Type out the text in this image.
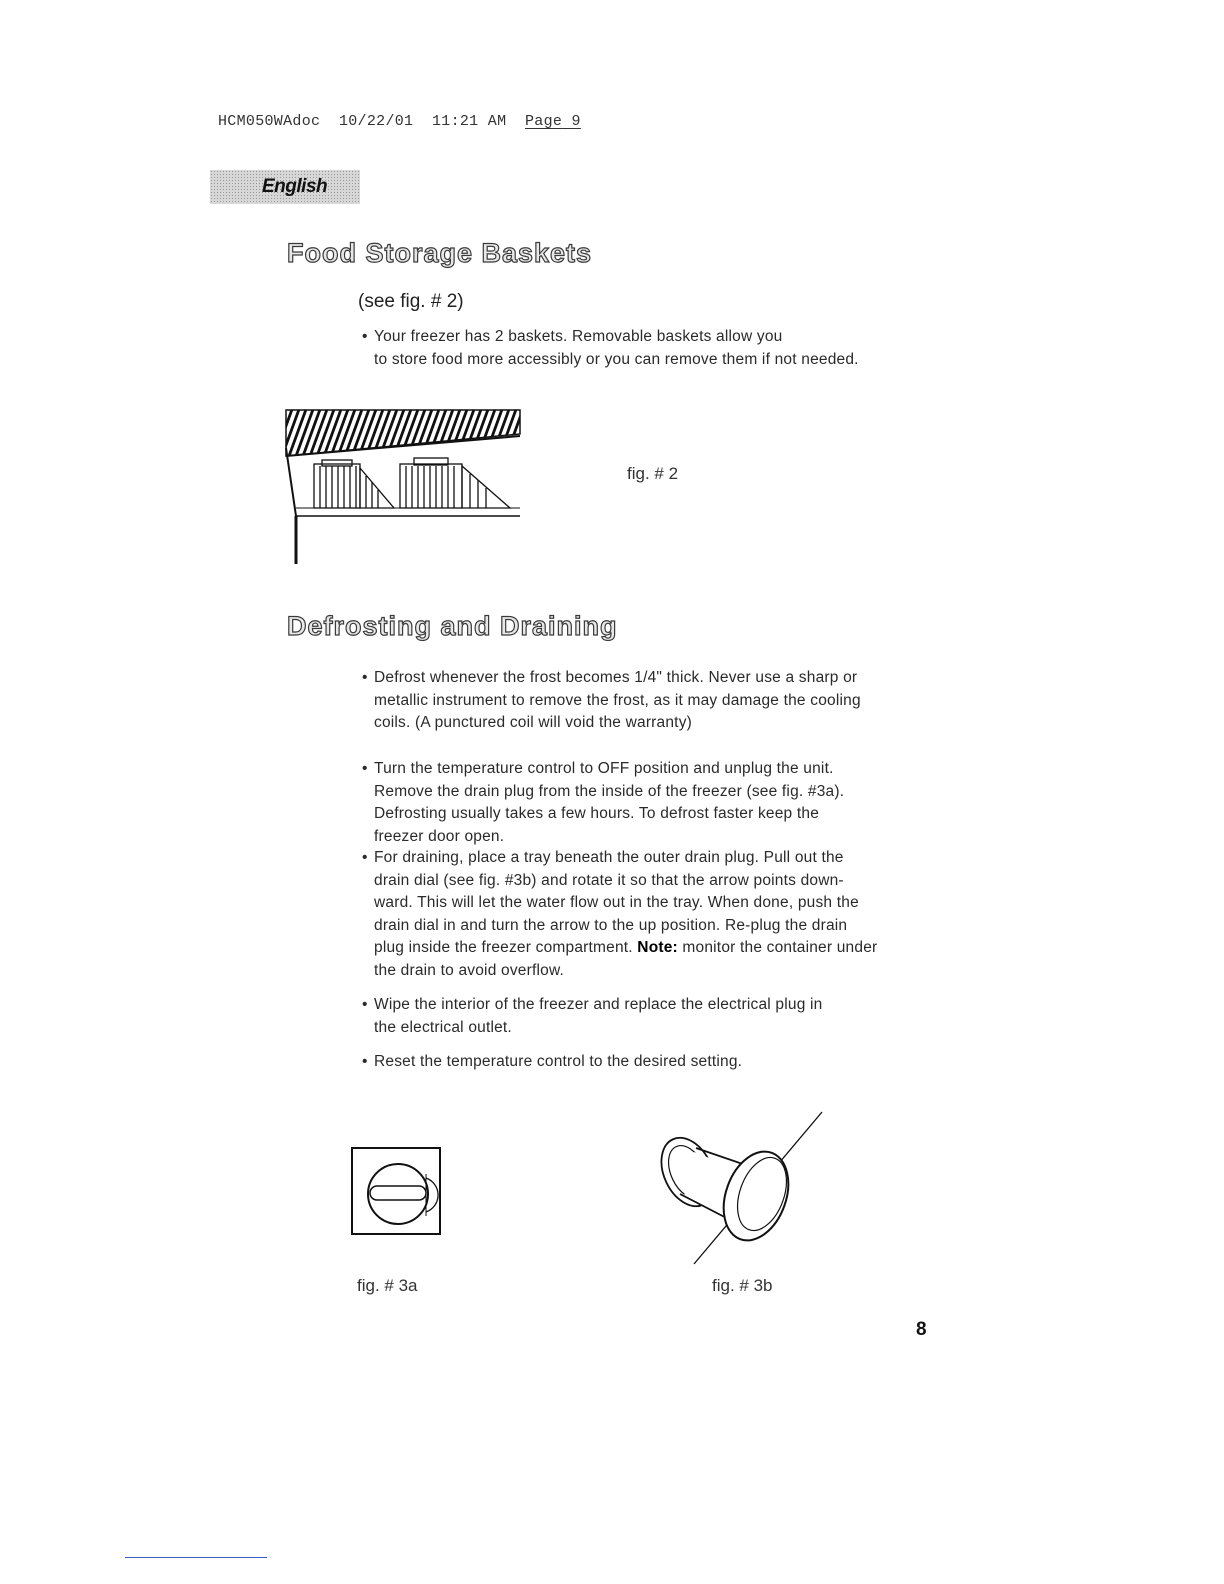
HCM050WAdoc 10/22/01 11:21 AM Page 9
English
Food Storage Baskets
(see fig. # 2)
• Your freezer has 2 baskets. Removable baskets allow you
to store food more accessibly or you can remove them if not needed.
fig. # 2
Defrosting and Draining
• Defrost whenever the frost becomes 1/4" thick. Never use a sharp or
metallic instrument to remove the frost, as it may damage the cooling
coils. (A punctured coil will void the warranty)
• Turn the temperature control to OFF position and unplug the unit.
Remove the drain plug from the inside of the freezer (see fig. #3a).
Defrosting usually takes a few hours. To defrost faster keep the
freezer door open.
• For draining, place a tray beneath the outer drain plug. Pull out the
drain dial (see fig. #3b) and rotate it so that the arrow points down-
ward. This will let the water flow out in the tray. When done, push the
drain dial in and turn the arrow to the up position. Re-plug the drain
plug inside the freezer compartment. Note: monitor the container under
the drain to avoid overflow.
• Wipe the interior of the freezer and replace the electrical plug in
the electrical outlet.
• Reset the temperature control to the desired setting.
fig. # 3a	fig. # 3b
8
